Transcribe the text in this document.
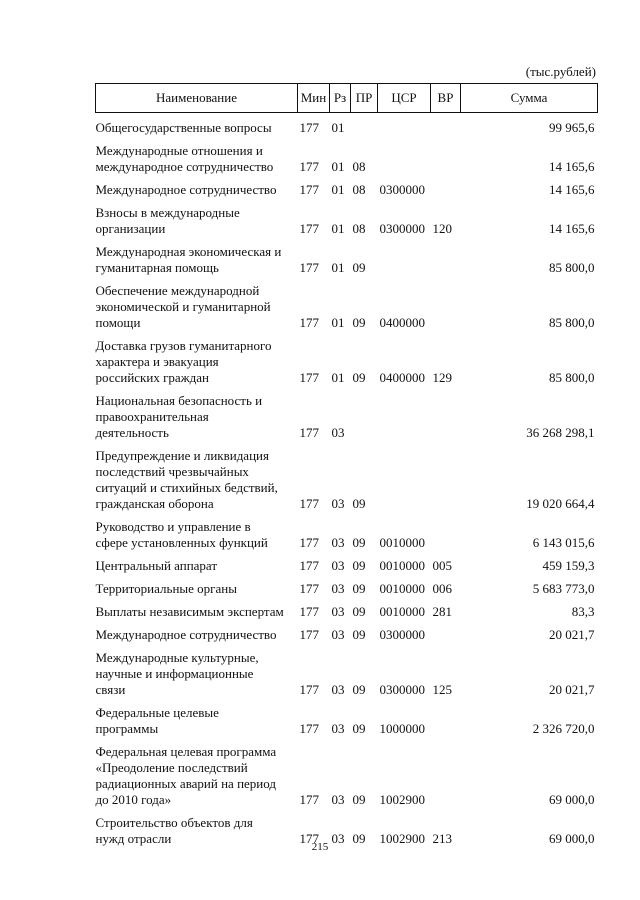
(тыс.рублей)
Наименование	Мин	Рз	ПР	ЦСР	ВР	Сумма

Общегосударственные вопросы	177	01				99 965,6

Международные отношения и
международное сотрудничество	177	01	08			14 165,6

Международное сотрудничество	177	01	08	0300000		14 165,6

Взносы в международные
организации	177	01	08	0300000	120	14 165,6

Международная экономическая и
гуманитарная помощь	177	01	09			85 800,0

Обеспечение международной
экономической и гуманитарной
помощи	177	01	09	0400000		85 800,0

Доставка грузов гуманитарного
характера и эвакуация
российских граждан	177	01	09	0400000	129	85 800,0

Национальная безопасность и
правоохранительная
деятельность	177	03				36 268 298,1

Предупреждение и ликвидация
последствий чрезвычайных
ситуаций и стихийных бедствий,
гражданская оборона	177	03	09			19 020 664,4

Руководство и управление в
сфере установленных функций	177	03	09	0010000		6 143 015,6

Центральный аппарат	177	03	09	0010000	005	459 159,3

Территориальные органы	177	03	09	0010000	006	5 683 773,0

Выплаты независимым экспертам	177	03	09	0010000	281	83,3

Международное сотрудничество	177	03	09	0300000		20 021,7

Международные культурные,
научные и информационные
связи	177	03	09	0300000	125	20 021,7

Федеральные целевые
программы	177	03	09	1000000		2 326 720,0

Федеральная целевая программа
«Преодоление последствий
радиационных аварий на период
до 2010 года»	177	03	09	1002900		69 000,0

Строительство объектов для
нужд отрасли	177	03	09	1002900	213	69 000,0

215
